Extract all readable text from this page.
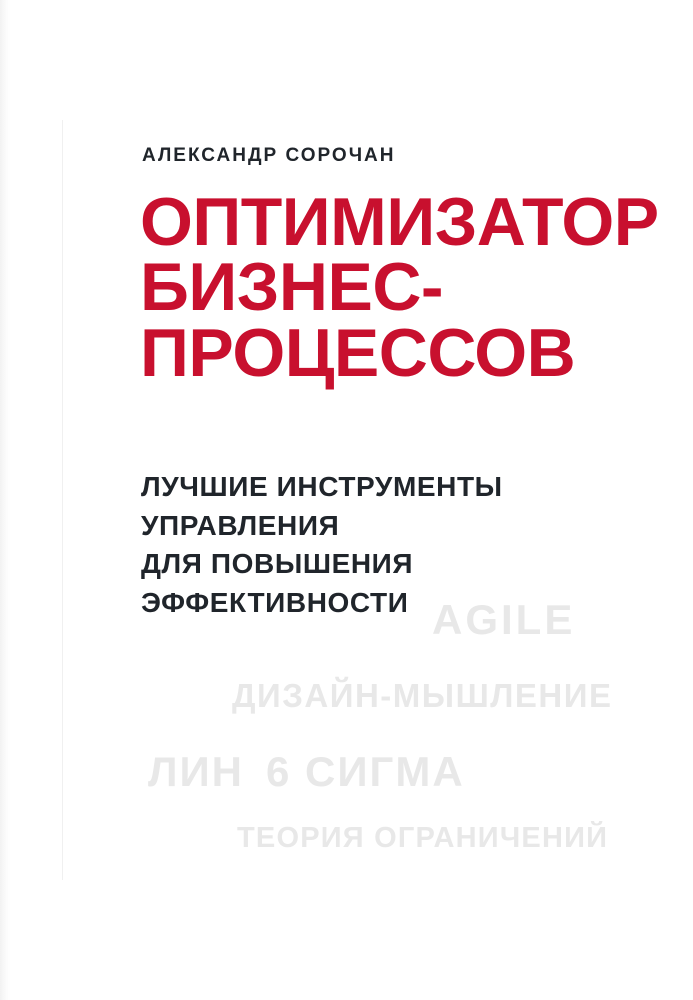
АЛЕКСАНДР СОРОЧАН
ОПТИМИЗАТОР
БИЗНЕС-
ПРОЦЕССОВ
ЛУЧШИЕ ИНСТРУМЕНТЫ
УПРАВЛЕНИЯ
ДЛЯ ПОВЫШЕНИЯ
ЭФФЕКТИВНОСТИ AGILE
ДИЗАЙН-МЫШЛЕНИЕ
ЛИН 6 СИГМА
ТЕОРИЯ ОГРАНИЧЕНИЙ
